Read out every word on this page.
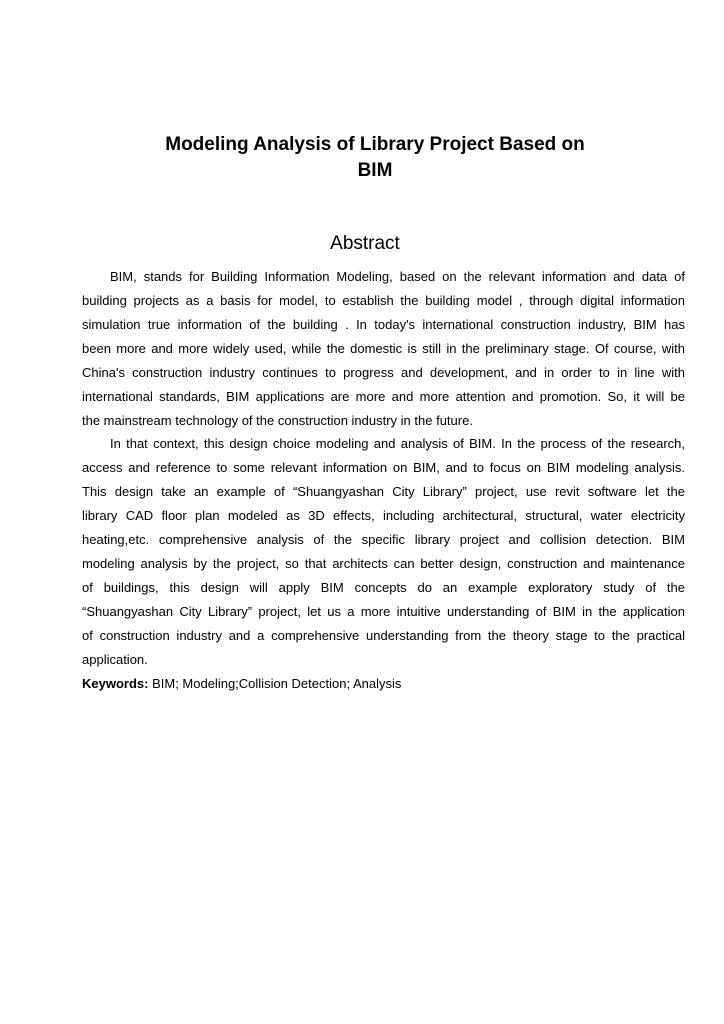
Modeling Analysis of Library Project Based on
BIM
Abstract
BIM, stands for Building Information Modeling, based on the relevant information and data of
building projects as a basis for model, to establish the building model , through digital information
simulation true information of the building . In today's international construction industry, BIM has
been more and more widely used, while the domestic is still in the preliminary stage. Of course, with
China's construction industry continues to progress and development, and in order to in line with
international standards, BIM applications are more and more attention and promotion. So, it will be
the mainstream technology of the construction industry in the future.
In that context, this design choice modeling and analysis of BIM. In the process of the research,
access and reference to some relevant information on BIM, and to focus on BIM modeling analysis.
This design take an example of “Shuangyashan City Library” project, use revit software let the
library CAD floor plan modeled as 3D effects, including architectural, structural, water electricity
heating,etc. comprehensive analysis of the specific library project and collision detection. BIM
modeling analysis by the project, so that architects can better design, construction and maintenance
of buildings, this design will apply BIM concepts do an example exploratory study of the
“Shuangyashan City Library” project, let us a more intuitive understanding of BIM in the application
of construction industry and a comprehensive understanding from the theory stage to the practical
application.
Keywords: BIM; Modeling;Collision Detection; Analysis
